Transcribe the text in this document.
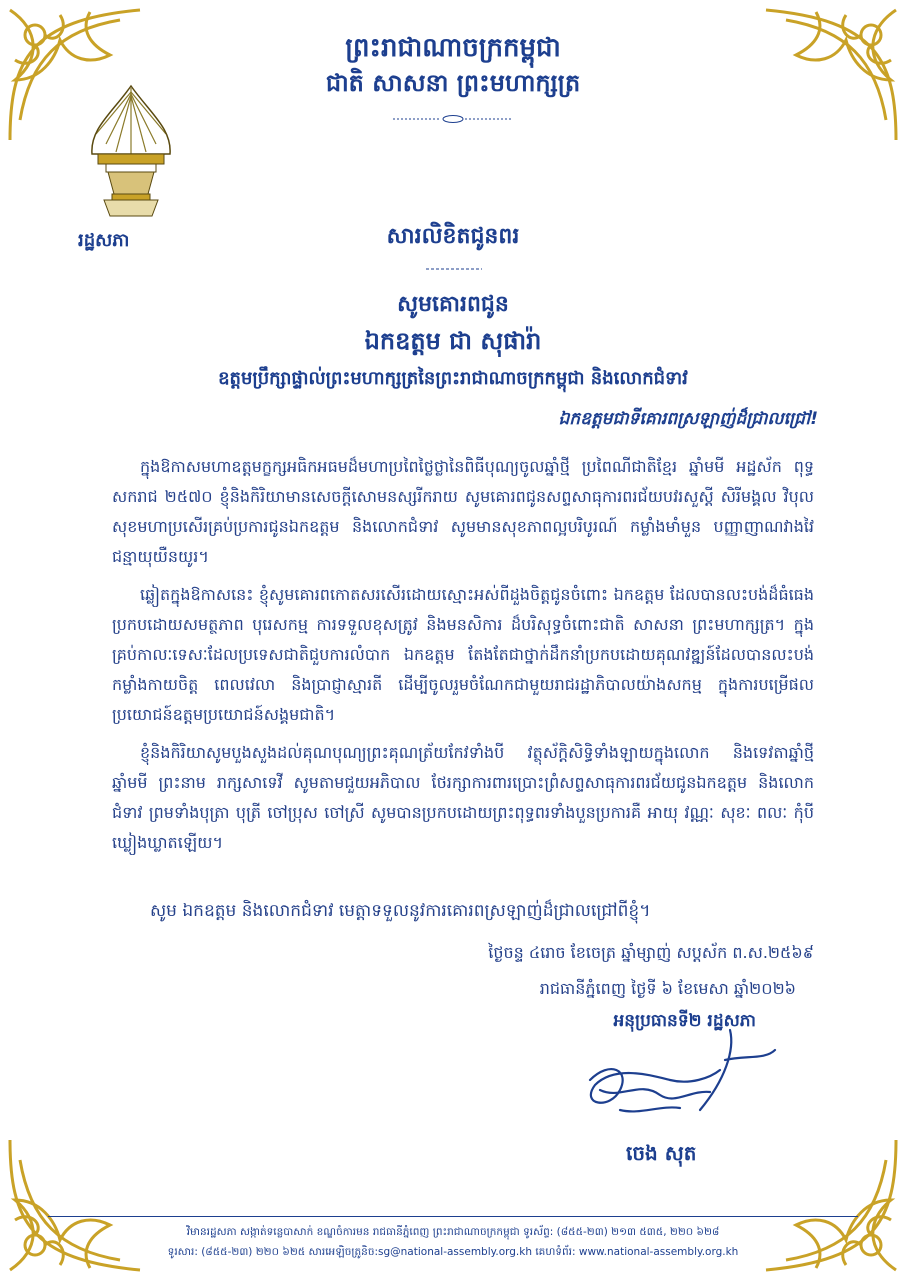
ព្រះរាជាណាចក្រកម្ពុជា
ជាតិ សាសនា ព្រះមហាក្សត្រ
រដ្ឋសភា	សារលិខិតជូនពរ
សូមគោរពជូន
ឯកឧត្តម ជា សុផារ៉ា
ឧត្តមប្រឹក្សាផ្ទាល់ព្រះមហាក្សត្រនៃព្រះរាជាណាចក្រកម្ពុជា និងលោកជំទាវ
ឯកឧត្តមជាទីគោរពស្រឡាញ់ដ៏ជ្រាលជ្រៅ!

ក្នុងឱកាសមហាឧត្តមក្ខក្សអធិកអធមដ៏មហាប្រពៃថ្លៃថ្លានៃពិធីបុណ្យចូលឆ្នាំថ្មី ប្រពៃណីជាតិខ្មែរ ឆ្នាំមមី អដ្ឋស័ក ពុទ្ធសករាជ ២៥៧០ ខ្ញុំនិងកិរិយាមានសេចក្តីសោមនស្សរីករាយ សូមគោរពជូនសព្ទសាធុការពរជ័យបវរសួស្តី សិរីមង្គល វិបុលសុខមហាប្រសើរគ្រប់ប្រការជូនឯកឧត្តម និងលោកជំទាវ សូមមានសុខភាពល្អបរិបូរណ៍ កម្លាំងមាំមួន បញ្ញាញាណវាងវៃ ជន្មាយុយឺនយូរ។

ឆ្លៀតក្នុងឱកាសនេះ ខ្ញុំសូមគោរពកោតសរសើរដោយស្មោះអស់ពីដួងចិត្តជូនចំពោះ ឯកឧត្តម ដែលបានលះបង់ដ៏ធំធេងប្រកបដោយសមត្ថភាព បុរេសកម្ម ការទទួលខុសត្រូវ និងមនសិការ ដ៏បរិសុទ្ធចំពោះជាតិ សាសនា ព្រះមហាក្សត្រ។ ក្នុងគ្រប់កាលៈទេសៈដែលប្រទេសជាតិជួបការលំបាក ឯកឧត្តម តែងតែជាថ្នាក់ដឹកនាំប្រកបដោយគុណវឌ្ឍន៍ដែលបានលះបង់កម្លាំងកាយចិត្ត ពេលវេលា និងប្រាជ្ញាស្មារតី ដើម្បីចូលរួមចំណែកជាមួយរាជរដ្ឋាភិបាលយ៉ាងសកម្ម ក្នុងការបម្រើផលប្រយោជន៍ឧត្តមប្រយោជន៍សង្គមជាតិ។

ខ្ញុំនិងកិរិយាសូមបួងសួងដល់គុណបុណ្យព្រះគុណត្រ័យកែវទាំងបី វត្ថុស័ក្តិសិទ្ធិទាំងឡាយក្នុងលោក និងទេវតាឆ្នាំថ្មី ឆ្នាំមមី ព្រះនាម រាក្សសាទេវី សូមតាមជួយអភិបាល ថែរក្សាការពារប្រោះព្រំសព្ទសាធុការពរជ័យជូនឯកឧត្តម និងលោកជំទាវ ព្រមទាំងបុត្រា បុត្រី ចៅប្រុស ចៅស្រី សូមបានប្រកបដោយព្រះពុទ្ធពរទាំងបួនប្រការគឺ អាយុ វណ្ណៈ សុខៈ ពលៈ កុំបីឃ្លៀងឃ្លាតឡើយ។

សូម ឯកឧត្តម និងលោកជំទាវ មេត្តាទទួលនូវការគោរពស្រឡាញ់ដ៏ជ្រាលជ្រៅពីខ្ញុំ។
ថ្ងៃចន្ទ ៤រោច ខែចេត្រ ឆ្នាំម្សាញ់ សប្តស័ក ព.ស.២៥៦៩
រាជធានីភ្នំពេញ ថ្ងៃទី ៦ ខែមេសា ឆ្នាំ២០២៦
អនុប្រធានទី២ រដ្ឋសភា
ចេង សុត
វិមានរដ្ឋសភា សង្កាត់ទន្លេបាសាក់ ខណ្ឌចំការមន រាជធានីភ្នំពេញ ព្រះរាជាណាចក្រកម្ពុជា ទូរស័ព្ទ: (៨៥៥-២៣) ២១៣ ៥៣៥, ២២០ ៦២៨
ទូរសារ: (៨៥៥-២៣) ២២០ ៦២៥ សារអេឡិចត្រូនិច:sg@national-assembly.org.kh គេហទំព័រ: www.national-assembly.org.kh
